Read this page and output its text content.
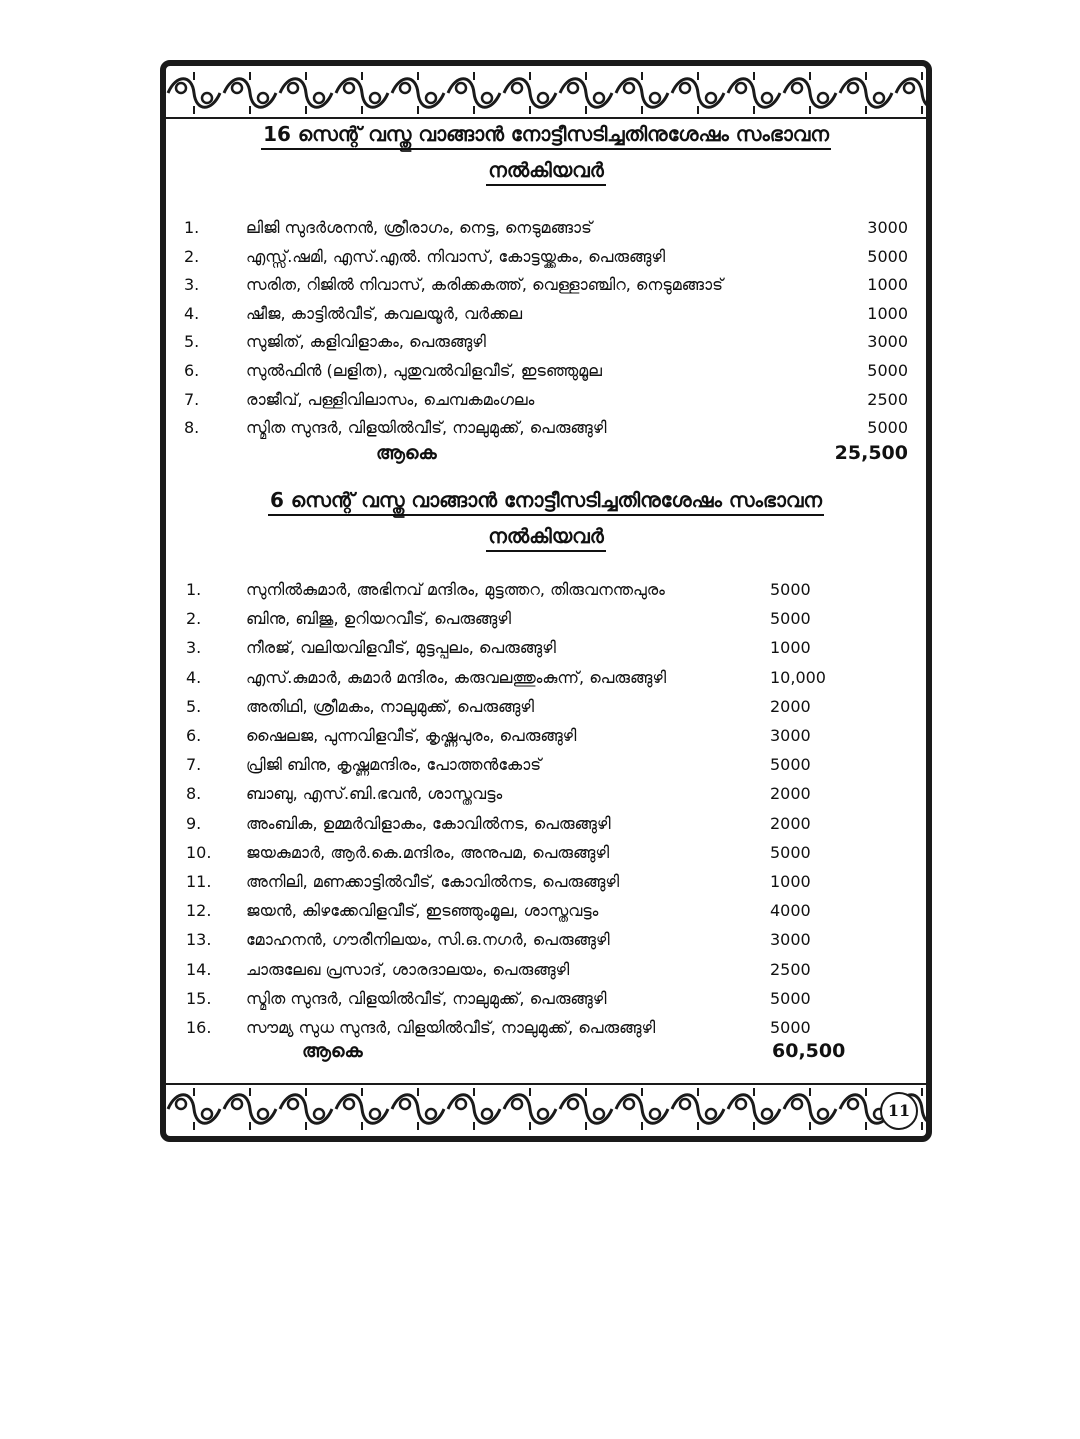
16 സെന്റ് വസ്തു വാങ്ങാൻ നോട്ടീസടിച്ചതിനുശേഷം സംഭാവന
നൽകിയവർ
1.	ലിജി സുദർശനൻ, ശ്രീരാഗം, നെട്ട, നെടുമങ്ങാട്	3000
2.	എസ്സ്.ഷമി, എസ്.എൽ. നിവാസ്, കോട്ടയ്ക്കകം, പെരുങ്ങുഴി	5000
3.	സരിത, റിജിൽ നിവാസ്, കരിക്കകത്ത്, വെള്ളാഞ്ചിറ, നെടുമങ്ങാട്	1000
4.	ഷീജ, കാട്ടിൽവീട്, കവലയൂർ, വർക്കല	1000
5.	സുജിത്, കളിവിളാകം, പെരുങ്ങുഴി	3000
6.	സുൽഫിൻ (ലളിത), പുതുവൽവിളവീട്, ഇടഞ്ഞുമൂല	5000
7.	രാജീവ്, പള്ളിവിലാസം, ചെമ്പകമംഗലം	2500
8.	സ്മിത സുന്ദർ, വിളയിൽവീട്, നാലുമുക്ക്, പെരുങ്ങുഴി	5000
ആകെ	25,500
6 സെന്റ് വസ്തു വാങ്ങാൻ നോട്ടീസടിച്ചതിനുശേഷം സംഭാവന
നൽകിയവർ
1.	സുനിൽകുമാർ, അഭിനവ് മന്ദിരം, മുട്ടത്തറ, തിരുവനന്തപുരം	5000
2.	ബിനു, ബിജു, ഉറിയറവീട്, പെരുങ്ങുഴി	5000
3.	നീരജ്, വലിയവിളവീട്, മുട്ടപ്പലം, പെരുങ്ങുഴി	1000
4.	എസ്.കുമാർ, കുമാർ മന്ദിരം, കരുവലത്തുംകുന്ന്, പെരുങ്ങുഴി	10,000
5.	അതിഥി, ശ്രീമകം, നാലുമുക്ക്, പെരുങ്ങുഴി	2000
6.	ഷൈലജ, പുന്നവിളവീട്, കൃഷ്ണപുരം, പെരുങ്ങുഴി	3000
7.	പ്രിജി ബിനു, കൃഷ്ണമന്ദിരം, പോത്തൻകോട്	5000
8.	ബാബു, എസ്.ബി.ഭവൻ, ശാസ്തവട്ടം	2000
9.	അംബിക, ഉമ്മർവിളാകം, കോവിൽനട, പെരുങ്ങുഴി	2000
10. ജയകുമാർ, ആർ.കെ.മന്ദിരം, അനുപമ, പെരുങ്ങുഴി	5000
11. അനിലി, മണക്കാട്ടിൽവീട്, കോവിൽനട, പെരുങ്ങുഴി	1000
12. ജയൻ, കിഴക്കേവിളവീട്, ഇടഞ്ഞുംമൂല, ശാസ്തവട്ടം	4000
13. മോഹനൻ, ഗൗരീനിലയം, സി.ഒ.നഗർ, പെരുങ്ങുഴി	3000
14. ചാരുലേഖ പ്രസാദ്, ശാരദാലയം, പെരുങ്ങുഴി	2500
15. സ്മിത സുന്ദർ, വിളയിൽവീട്, നാലുമുക്ക്, പെരുങ്ങുഴി	5000
16. സൗമ്യ സുധ സുന്ദർ, വിളയിൽവീട്, നാലുമുക്ക്, പെരുങ്ങുഴി	5000
ആകെ	60,500
11
